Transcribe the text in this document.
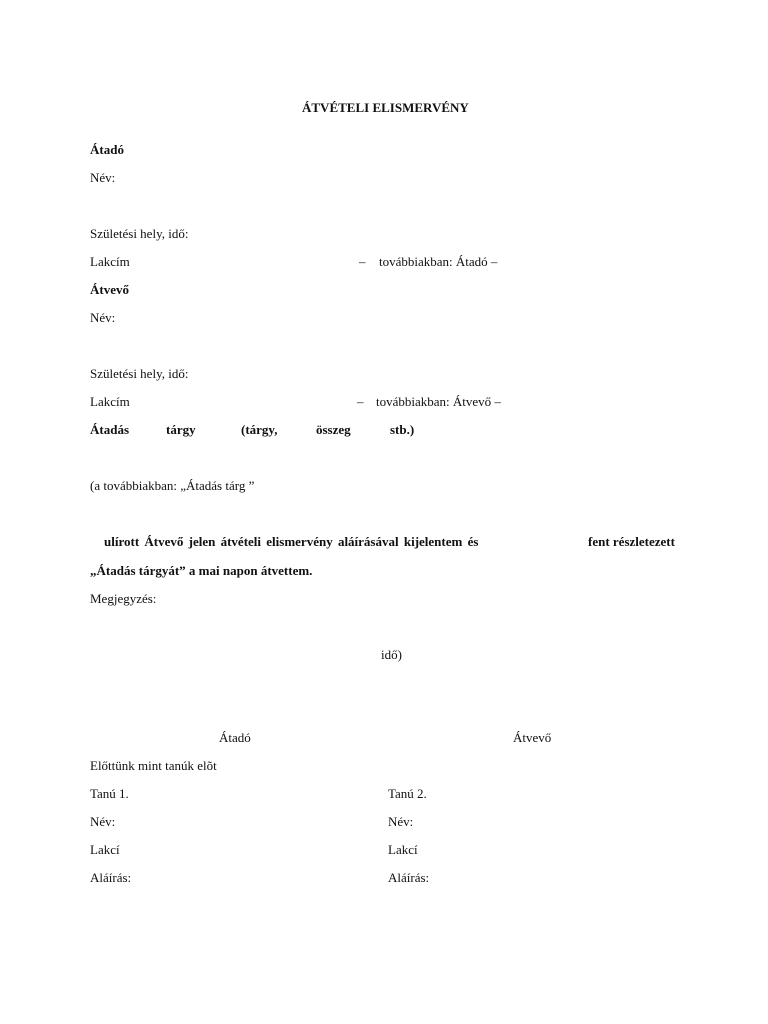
ÁTVÉTELI ELISMERVÉNY
Átadó
Név:
Születési hely, idő:
Lakcím	– továbbiakban: Átadó –
Átvevő
Név:
Születési hely, idő:
Lakcím	– továbbiakban: Átvevő –
Átadás	tárgy	(tárgy,	összeg	stb.)
(a továbbiakban: „Átadás tárg ”
ulírott Átvevő jelen átvételi elismervény aláírásával kijelentem és	fent részletezett
„Átadás tárgyát” a mai napon átvettem.
Megjegyzés:
idő)
Átadó	Átvevő
Előttünk mint tanúk elõt
Tanú 1.
Név:
Lakcí
Aláírás:
Tanú 2.
Név:
Lakcí
Aláírás:
